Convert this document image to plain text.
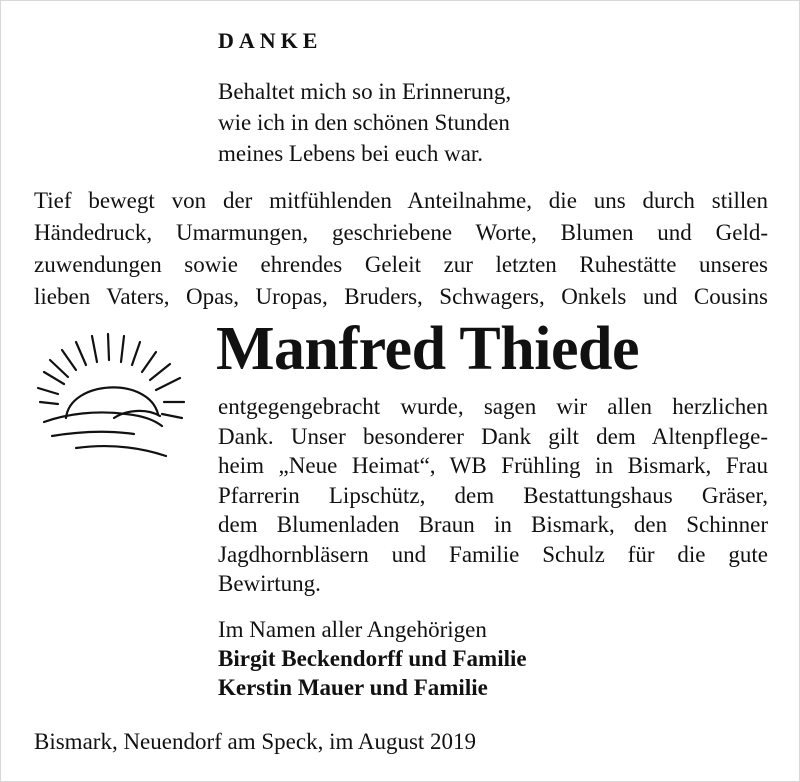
DANKE
Behaltet mich so in Erinnerung,
wie ich in den schönen Stunden
meines Lebens bei euch war.
Tief bewegt von der mitfühlenden Anteilnahme, die uns durch stillen
Händedruck, Umarmungen, geschriebene Worte, Blumen und Geld-
zuwendungen sowie ehrendes Geleit zur letzten Ruhestätte unseres
lieben Vaters, Opas, Uropas, Bruders, Schwagers, Onkels und Cousins
Manfred Thiede
entgegengebracht wurde, sagen wir allen herzlichen
Dank. Unser besonderer Dank gilt dem Altenpflege-
heim „Neue Heimat“, WB Frühling in Bismark, Frau
Pfarrerin Lipschütz, dem Bestattungshaus Gräser,
dem Blumenladen Braun in Bismark, den Schinner
Jagdhornbläsern und Familie Schulz für die gute
Bewirtung.
Im Namen aller Angehörigen
Birgit Beckendorff und Familie
Kerstin Mauer und Familie
Bismark, Neuendorf am Speck, im August 2019
